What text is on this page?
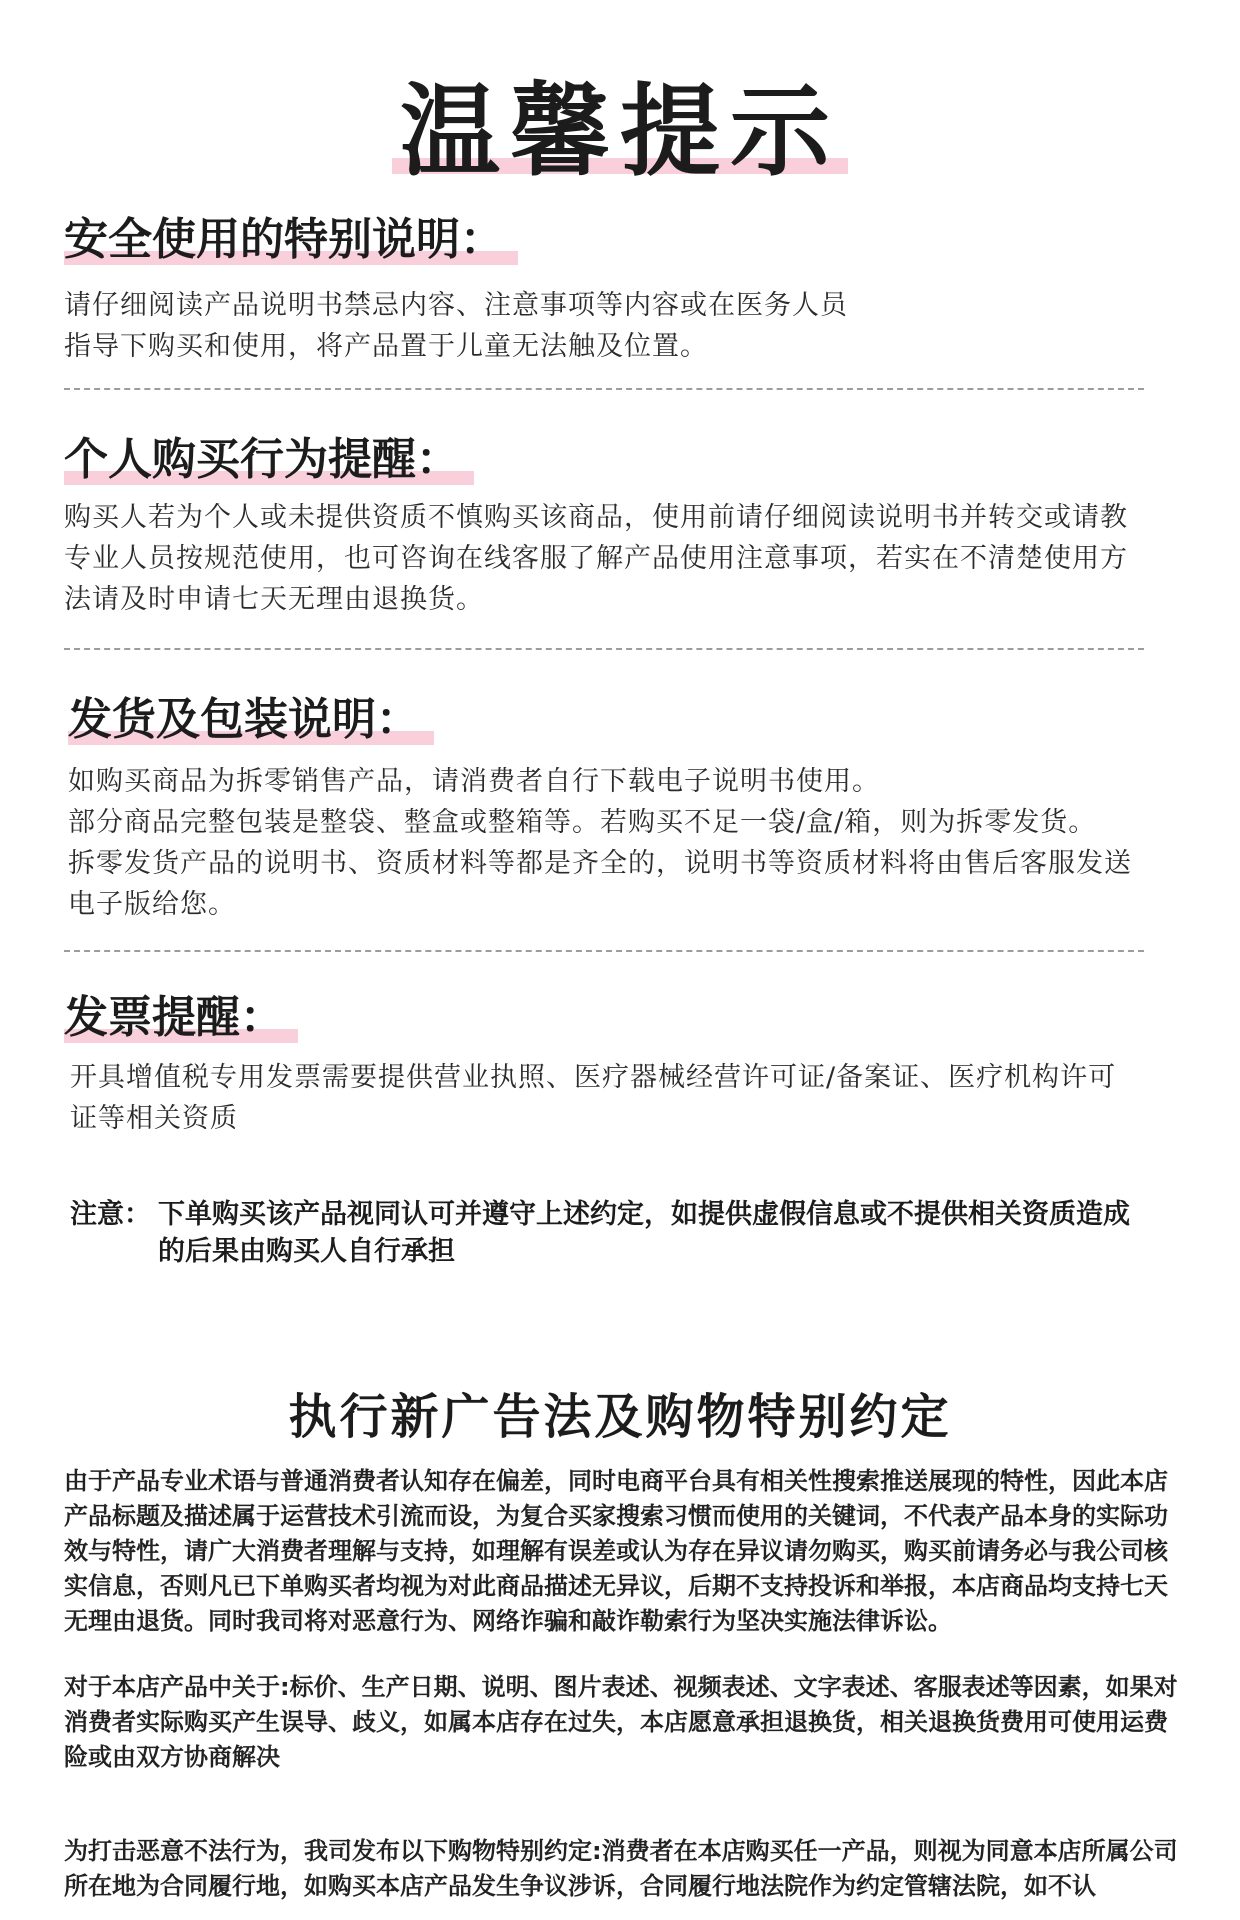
温馨提示
安全使用的特别说明：

请仔细阅读产品说明书禁忌内容、注意事项等内容或在医务人员指导下购买和使用，将产品置于儿童无法触及位置。

个人购买行为提醒：

购买人若为个人或未提供资质不慎购买该商品，使用前请仔细阅读说明书并转交或请教专业人员按规范使用，也可咨询在线客服了解产品使用注意事项，若实在不清楚使用方法请及时申请七天无理由退换货。

发货及包装说明：

如购买商品为拆零销售产品，请消费者自行下载电子说明书使用。

部分商品完整包装是整袋、整盒或整箱等。若购买不足一袋/盒/箱，则为拆零发货。

拆零发货产品的说明书、资质材料等都是齐全的，说明书等资质材料将由售后客服发送电子版给您。

发票提醒：

开具增值税专用发票需要提供营业执照、医疗器械经营许可证/备案证、医疗机构许可证等相关资质

注意： 下单购买该产品视同认可并遵守上述约定，如提供虚假信息或不提供相关资质造成的后果由购买人自行承担
执行新广告法及购物特别约定

由于产品专业术语与普通消费者认知存在偏差，同时电商平台具有相关性搜索推送展现的特性，因此本店产品标题及描述属于运营技术引流而设，为复合买家搜索习惯而使用的关键词，不代表产品本身的实际功效与特性，请广大消费者理解与支持，如理解有误差或认为存在异议请勿购买，购买前请务必与我公司核实信息，否则凡已下单购买者均视为对此商品描述无异议，后期不支持投诉和举报，本店商品均支持七天无理由退货。同时我司将对恶意行为、网络诈骗和敲诈勒索行为坚决实施法律诉讼。

对于本店产品中关于:标价、生产日期、说明、图片表述、视频表述、文字表述、客服表述等因素，如果对消费者实际购买产生误导、歧义，如属本店存在过失，本店愿意承担退换货，相关退换货费用可使用运费险或由双方协商解决

为打击恶意不法行为，我司发布以下购物特别约定:消费者在本店购买任一产品，则视为同意本店所属公司所在地为合同履行地，如购买本店产品发生争议涉诉，合同履行地法院作为约定管辖法院，如不认
